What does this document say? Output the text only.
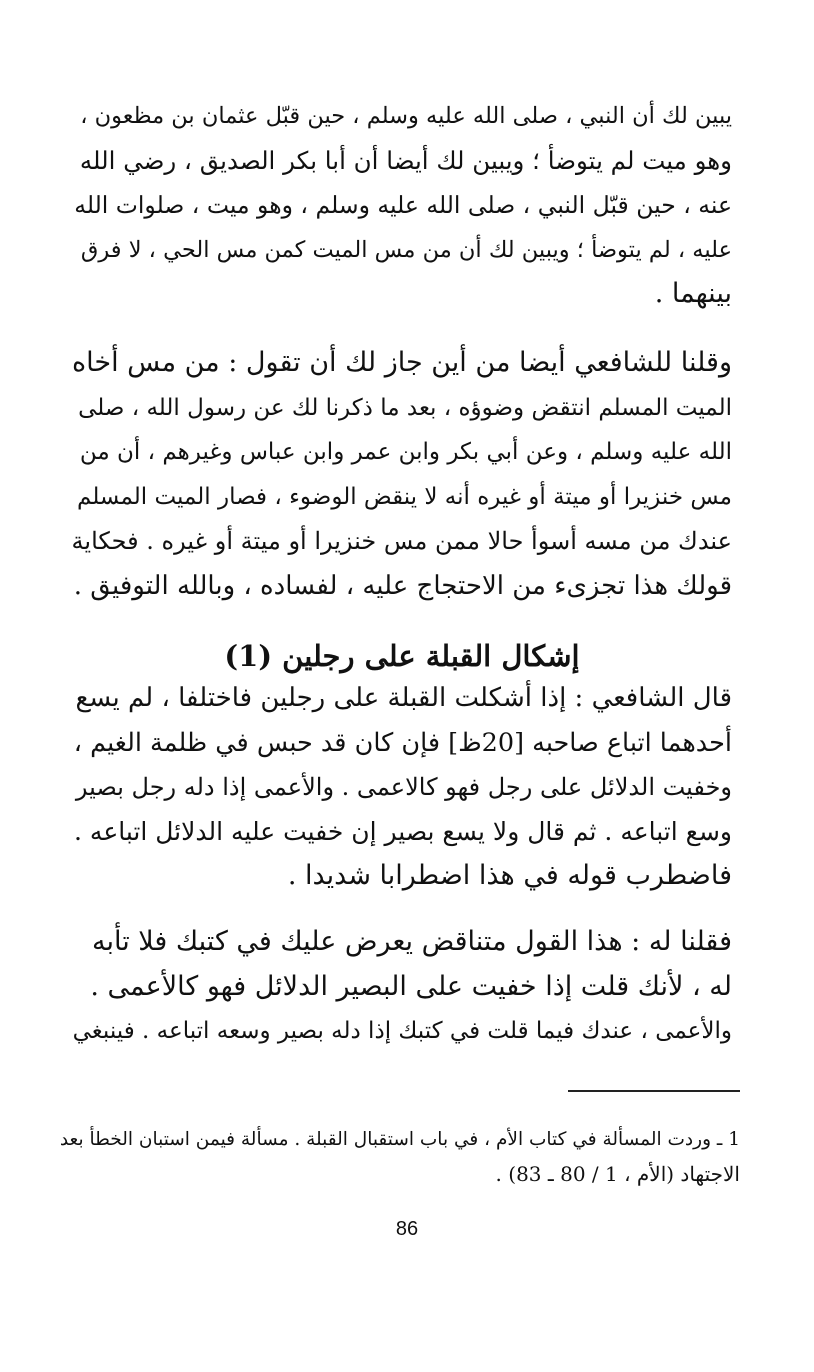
يبين لك أن النبي ، صلى الله عليه وسلم ، حين قبّل عثمان بن مظعون ،
وهو ميت لم يتوضأ ؛ ويبين لك أيضا أن أبا بكر الصديق ، رضي الله
عنه ، حين قبّل النبي ، صلى الله عليه وسلم ، وهو ميت ، صلوات الله
عليه ، لم يتوضأ ؛ ويبين لك أن من مس الميت كمن مس الحي ، لا فرق
بينهما .

وقلنا للشافعي أيضا من أين جاز لك أن تقول : من مس أخاه
الميت المسلم انتقض وضوؤه ، بعد ما ذكرنا لك عن رسول الله ، صلى
الله عليه وسلم ، وعن أبي بكر وابن عمر وابن عباس وغيرهم ، أن من
مس خنزيرا أو ميتة أو غيره أنه لا ينقض الوضوء ، فصار الميت المسلم
عندك من مسه أسوأ حالا ممن مس خنزيرا أو ميتة أو غيره . فحكاية
قولك هذا تجزىء من الاحتجاج عليه ، لفساده ، وبالله التوفيق .

إشكال القبلة على رجلين (1)

قال الشافعي : إذا أشكلت القبلة على رجلين فاختلفا ، لم يسع
أحدهما اتباع صاحبه [20ظ] فإن كان قد حبس في ظلمة الغيم ،
وخفيت الدلائل على رجل فهو كالاعمى . والأعمى إذا دله رجل بصير
وسع اتباعه . ثم قال ولا يسع بصير إن خفيت عليه الدلائل اتباعه .
فاضطرب قوله في هذا اضطرابا شديدا .

فقلنا له : هذا القول متناقض يعرض عليك في كتبك فلا تأبه
له ، لأنك قلت إذا خفيت على البصير الدلائل فهو كالأعمى .
والأعمى ، عندك فيما قلت في كتبك إذا دله بصير وسعه اتباعه . فينبغي

1 ـ وردت المسألة في كتاب الأم ، في باب استقبال القبلة . مسألة فيمن استبان الخطأ بعد
الاجتهاد (الأم ، 1 / 80 ـ 83) .

86
